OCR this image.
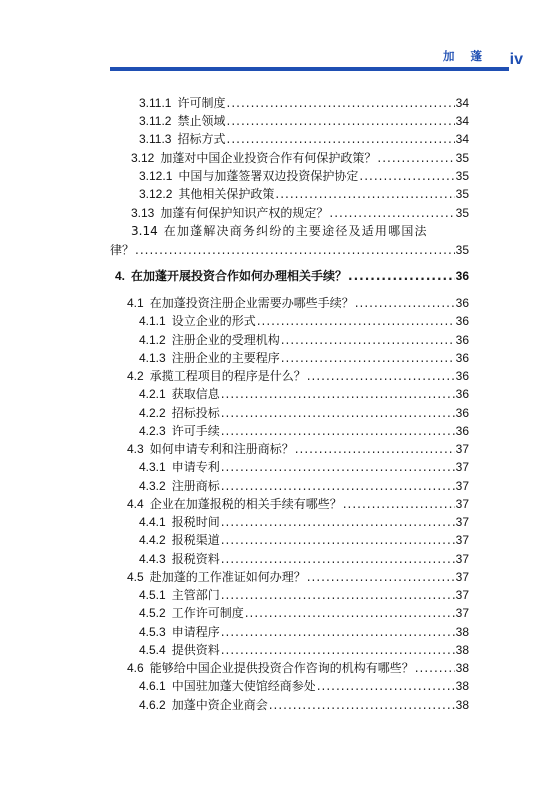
加 蓬 iv
3.11.1 许可制度 .....	34
3.11.2 禁止领域 .....	34
3.11.3 招标方式 .....	34
3.12 加蓬对中国企业投资合作有何保护政策？ .....	35
3.12.1 中国与加蓬签署双边投资保护协定 .....	35
3.12.2 其他相关保护政策 .....	35
3.13 加蓬有何保护知识产权的规定？ .....	35
3.14 在加蓬解决商务纠纷的主要途径及适用哪国法
律？ .....	35
4. 在加蓬开展投资合作如何办理相关手续？ .....	36
4.1 在加蓬投资注册企业需要办哪些手续？ .....	36
4.1.1 设立企业的形式 .....	36
4.1.2 注册企业的受理机构 .....	36
4.1.3 注册企业的主要程序 .....	36
4.2 承揽工程项目的程序是什么？ .....	36
4.2.1 获取信息 .....	36
4.2.2 招标投标 .....	36
4.2.3 许可手续 .....	36
4.3 如何申请专利和注册商标？ .....	37
4.3.1 申请专利 .....	37
4.3.2 注册商标 .....	37
4.4 企业在加蓬报税的相关手续有哪些？ .....	37
4.4.1 报税时间 .....	37
4.4.2 报税渠道 .....	37
4.4.3 报税资料 .....	37
4.5 赴加蓬的工作准证如何办理？ .....	37
4.5.1 主管部门 .....	37
4.5.2 工作许可制度 .....	37
4.5.3 申请程序 .....	38
4.5.4 提供资料 .....	38
4.6 能够给中国企业提供投资合作咨询的机构有哪些？ .....	38
4.6.1 中国驻加蓬大使馆经商参处 .....	38
4.6.2 加蓬中资企业商会 .....	38
